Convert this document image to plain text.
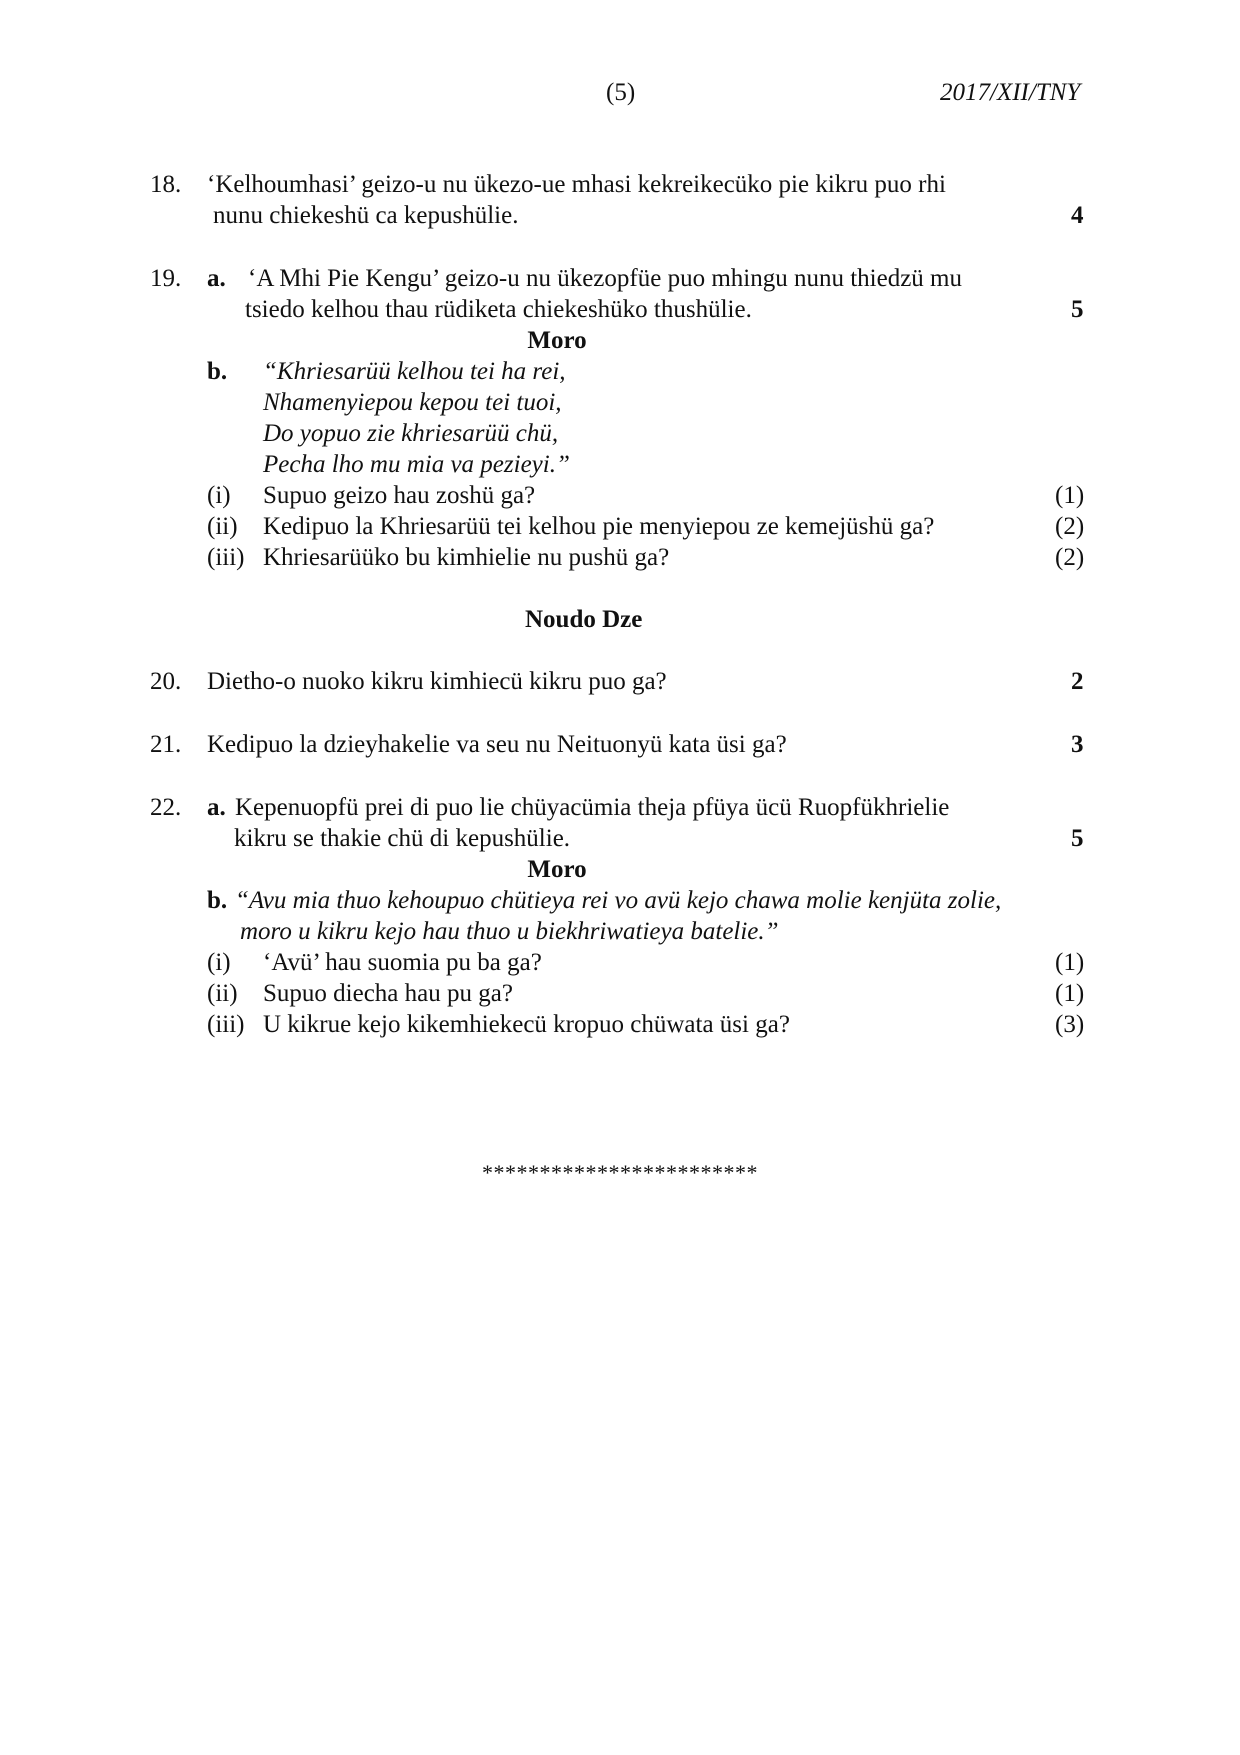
(5)	2017/XII/TNY
18. ‘Kelhoumhasi’ geizo-u nu ükezo-ue mhasi kekreikecüko pie kikru puo rhi
nunu chiekeshü ca kepushülie.	4
19. a. ‘A Mhi Pie Kengu’ geizo-u nu ükezopfüe puo mhingu nunu thiedzü mu
tsiedo kelhou thau rüdiketa chiekeshüko thushülie.	5
Moro
b. “Khriesarüü kelhou tei ha rei,
Nhamenyiepou kepou tei tuoi,
Do yopuo zie khriesarüü chü,
Pecha lho mu mia va pezieyi.”
(i) Supuo geizo hau zoshü ga?	(1)
(ii) Kedipuo la Khriesarüü tei kelhou pie menyiepou ze kemejüshü ga?	(2)
(iii) Khriesarüüko bu kimhielie nu pushü ga?	(2)
Noudo Dze
20. Dietho-o nuoko kikru kimhiecü kikru puo ga?	2
21. Kedipuo la dzieyhakelie va seu nu Neituonyü kata üsi ga?	3
22. a. Kepenuopfü prei di puo lie chüyacümia theja pfüya ücü Ruopfükhrielie
kikru se thakie chü di kepushülie.	5
Moro
b. “Avu mia thuo kehoupuo chütieya rei vo avü kejo chawa molie kenjüta zolie,
moro u kikru kejo hau thuo u biekhriwatieya batelie.”
(i) ‘Avü’ hau suomia pu ba ga?	(1)
(ii) Supuo diecha hau pu ga?	(1)
(iii) U kikrue kejo kikemhiekecü kropuo chüwata üsi ga?	(3)
************************
